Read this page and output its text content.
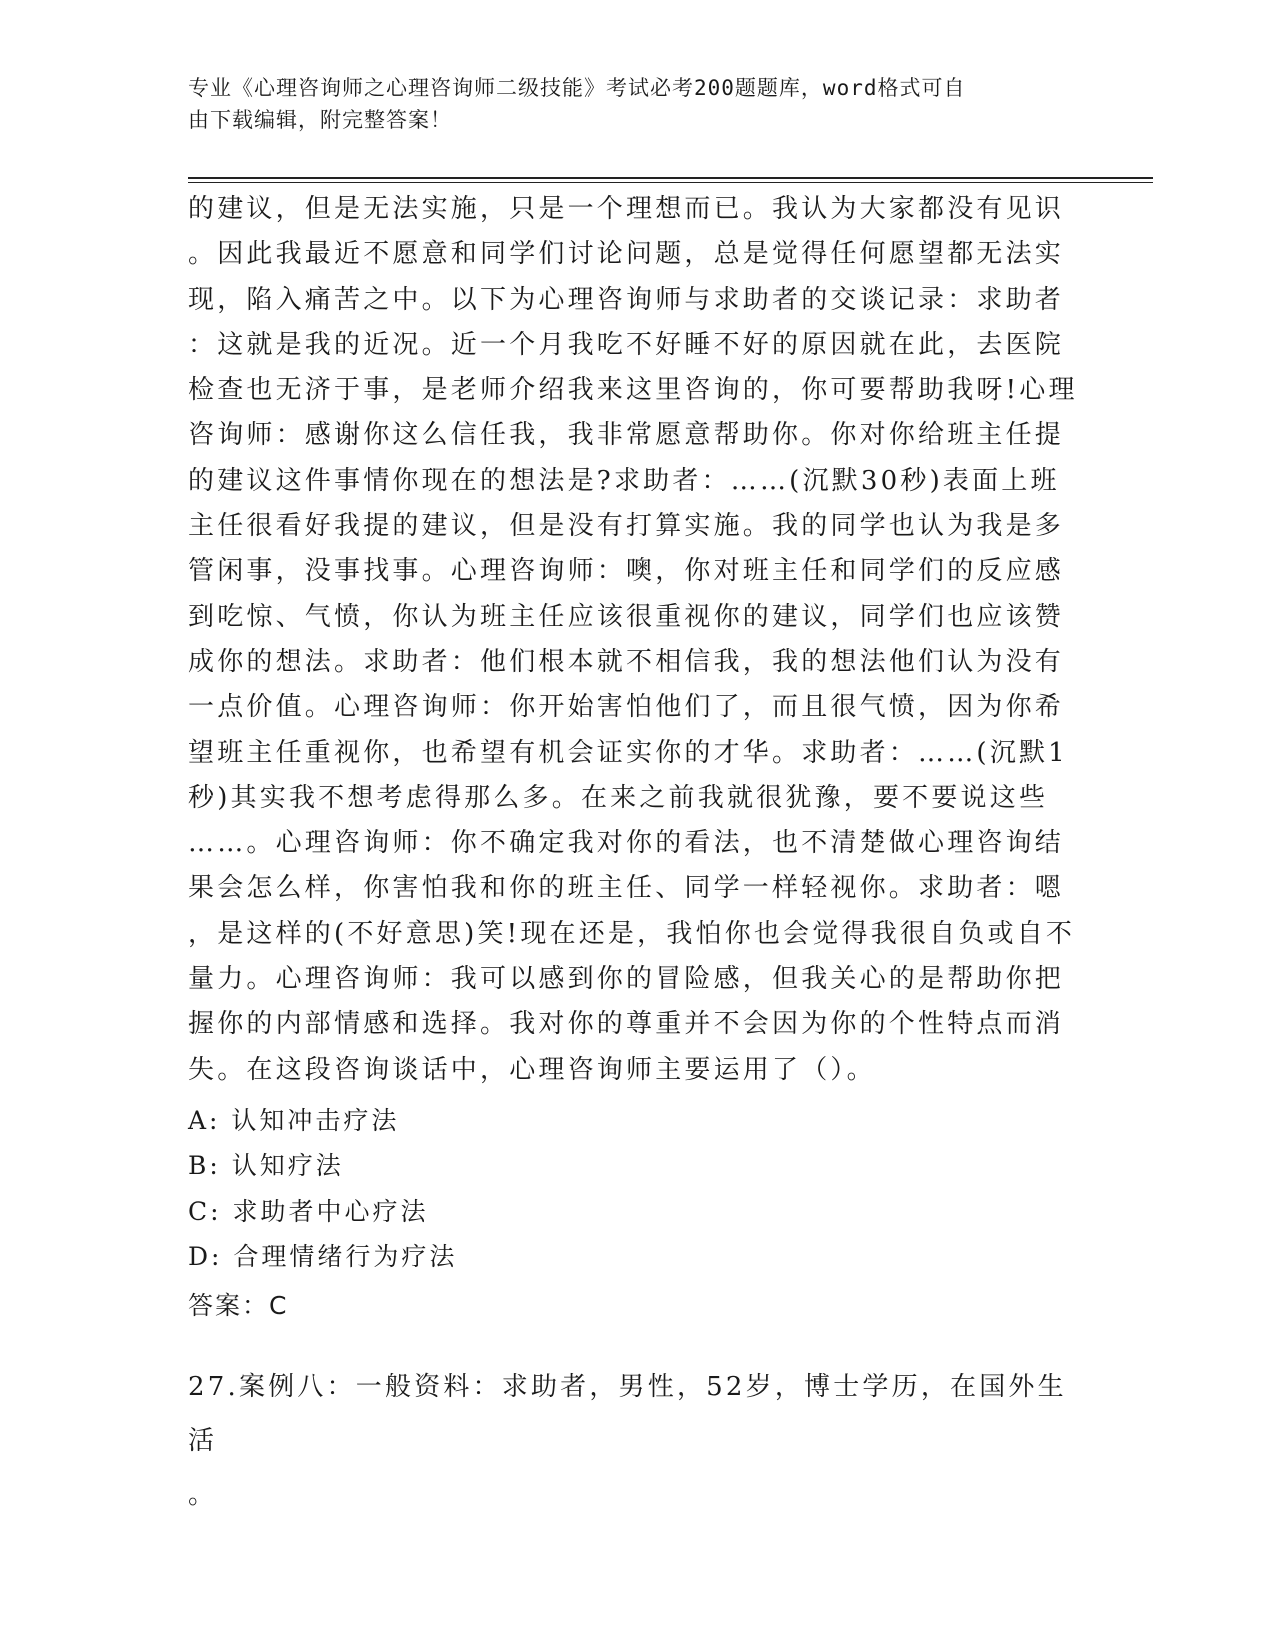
专业《心理咨询师之心理咨询师二级技能》考试必考200题题库，word格式可自
由下载编辑，附完整答案！
的建议，但是无法实施，只是一个理想而已。我认为大家都没有见识
。因此我最近不愿意和同学们讨论问题，总是觉得任何愿望都无法实
现，陷入痛苦之中。以下为心理咨询师与求助者的交谈记录：求助者
：这就是我的近况。近一个月我吃不好睡不好的原因就在此，去医院
检查也无济于事，是老师介绍我来这里咨询的，你可要帮助我呀!心理
咨询师：感谢你这么信任我，我非常愿意帮助你。你对你给班主任提
的建议这件事情你现在的想法是?求助者：……(沉默30秒)表面上班
主任很看好我提的建议，但是没有打算实施。我的同学也认为我是多
管闲事，没事找事。心理咨询师：噢，你对班主任和同学们的反应感
到吃惊、气愤，你认为班主任应该很重视你的建议，同学们也应该赞
成你的想法。求助者：他们根本就不相信我，我的想法他们认为没有
一点价值。心理咨询师：你开始害怕他们了，而且很气愤，因为你希
望班主任重视你，也希望有机会证实你的才华。求助者：……(沉默1
秒)其实我不想考虑得那么多。在来之前我就很犹豫，要不要说这些
……。心理咨询师：你不确定我对你的看法，也不清楚做心理咨询结
果会怎么样，你害怕我和你的班主任、同学一样轻视你。求助者：嗯
，是这样的(不好意思)笑!现在还是，我怕你也会觉得我很自负或自不
量力。心理咨询师：我可以感到你的冒险感，但我关心的是帮助你把
握你的内部情感和选择。我对你的尊重并不会因为你的个性特点而消
失。在这段咨询谈话中，心理咨询师主要运用了（）。
A: 认知冲击疗法
B: 认知疗法
C: 求助者中心疗法
D: 合理情绪行为疗法
答案：C
27.案例八：一般资料：求助者，男性，52岁，博士学历，在国外生活
。
